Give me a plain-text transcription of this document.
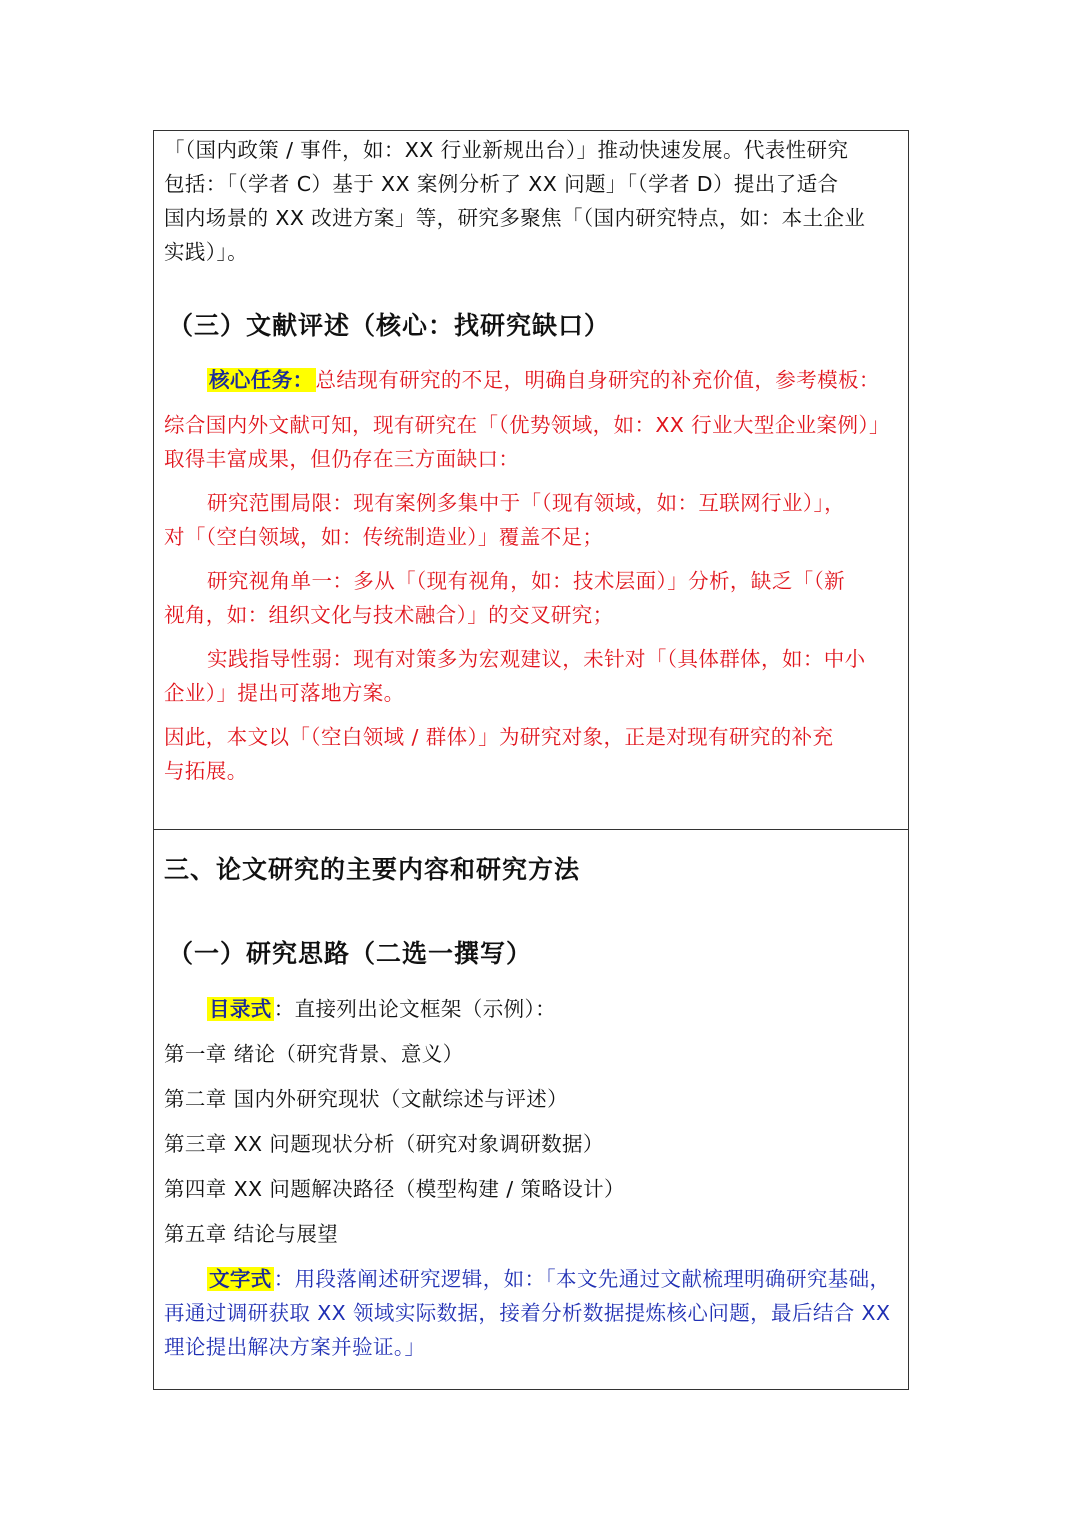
「（国内政策 / 事件，如：XX 行业新规出台）」推动快速发展。代表性研究

包括：「（学者 C）基于 XX 案例分析了 XX 问题」「（学者 D）提出了适合

国内场景的 XX 改进方案」等，研究多聚焦「（国内研究特点，如：本土企业

实践）」。

（三）文献评述（核心：找研究缺口）

核心任务：总结现有研究的不足，明确自身研究的补充价值，参考模板：

综合国内外文献可知，现有研究在「（优势领域，如：XX 行业大型企业案例）」

取得丰富成果，但仍存在三方面缺口：

研究范围局限：现有案例多集中于「（现有领域，如：互联网行业）」，

对「（空白领域，如：传统制造业）」覆盖不足；

研究视角单一：多从「（现有视角，如：技术层面）」分析，缺乏「（新

视角，如：组织文化与技术融合）」的交叉研究；

实践指导性弱：现有对策多为宏观建议，未针对「（具体群体，如：中小

企业）」提出可落地方案。

因此，本文以「（空白领域 / 群体）」为研究对象，正是对现有研究的补充

与拓展。

三、论文研究的主要内容和研究方法
（一）研究思路（二选一撰写）

目录式：直接列出论文框架（示例）：

第一章 绪论（研究背景、意义）

第二章 国内外研究现状（文献综述与评述）

第三章 XX 问题现状分析（研究对象调研数据）

第四章 XX 问题解决路径（模型构建 / 策略设计）

第五章 结论与展望

文字式：用段落阐述研究逻辑，如：「本文先通过文献梳理明确研究基础，

再通过调研获取 XX 领域实际数据，接着分析数据提炼核心问题，最后结合 XX

理论提出解决方案并验证。」
